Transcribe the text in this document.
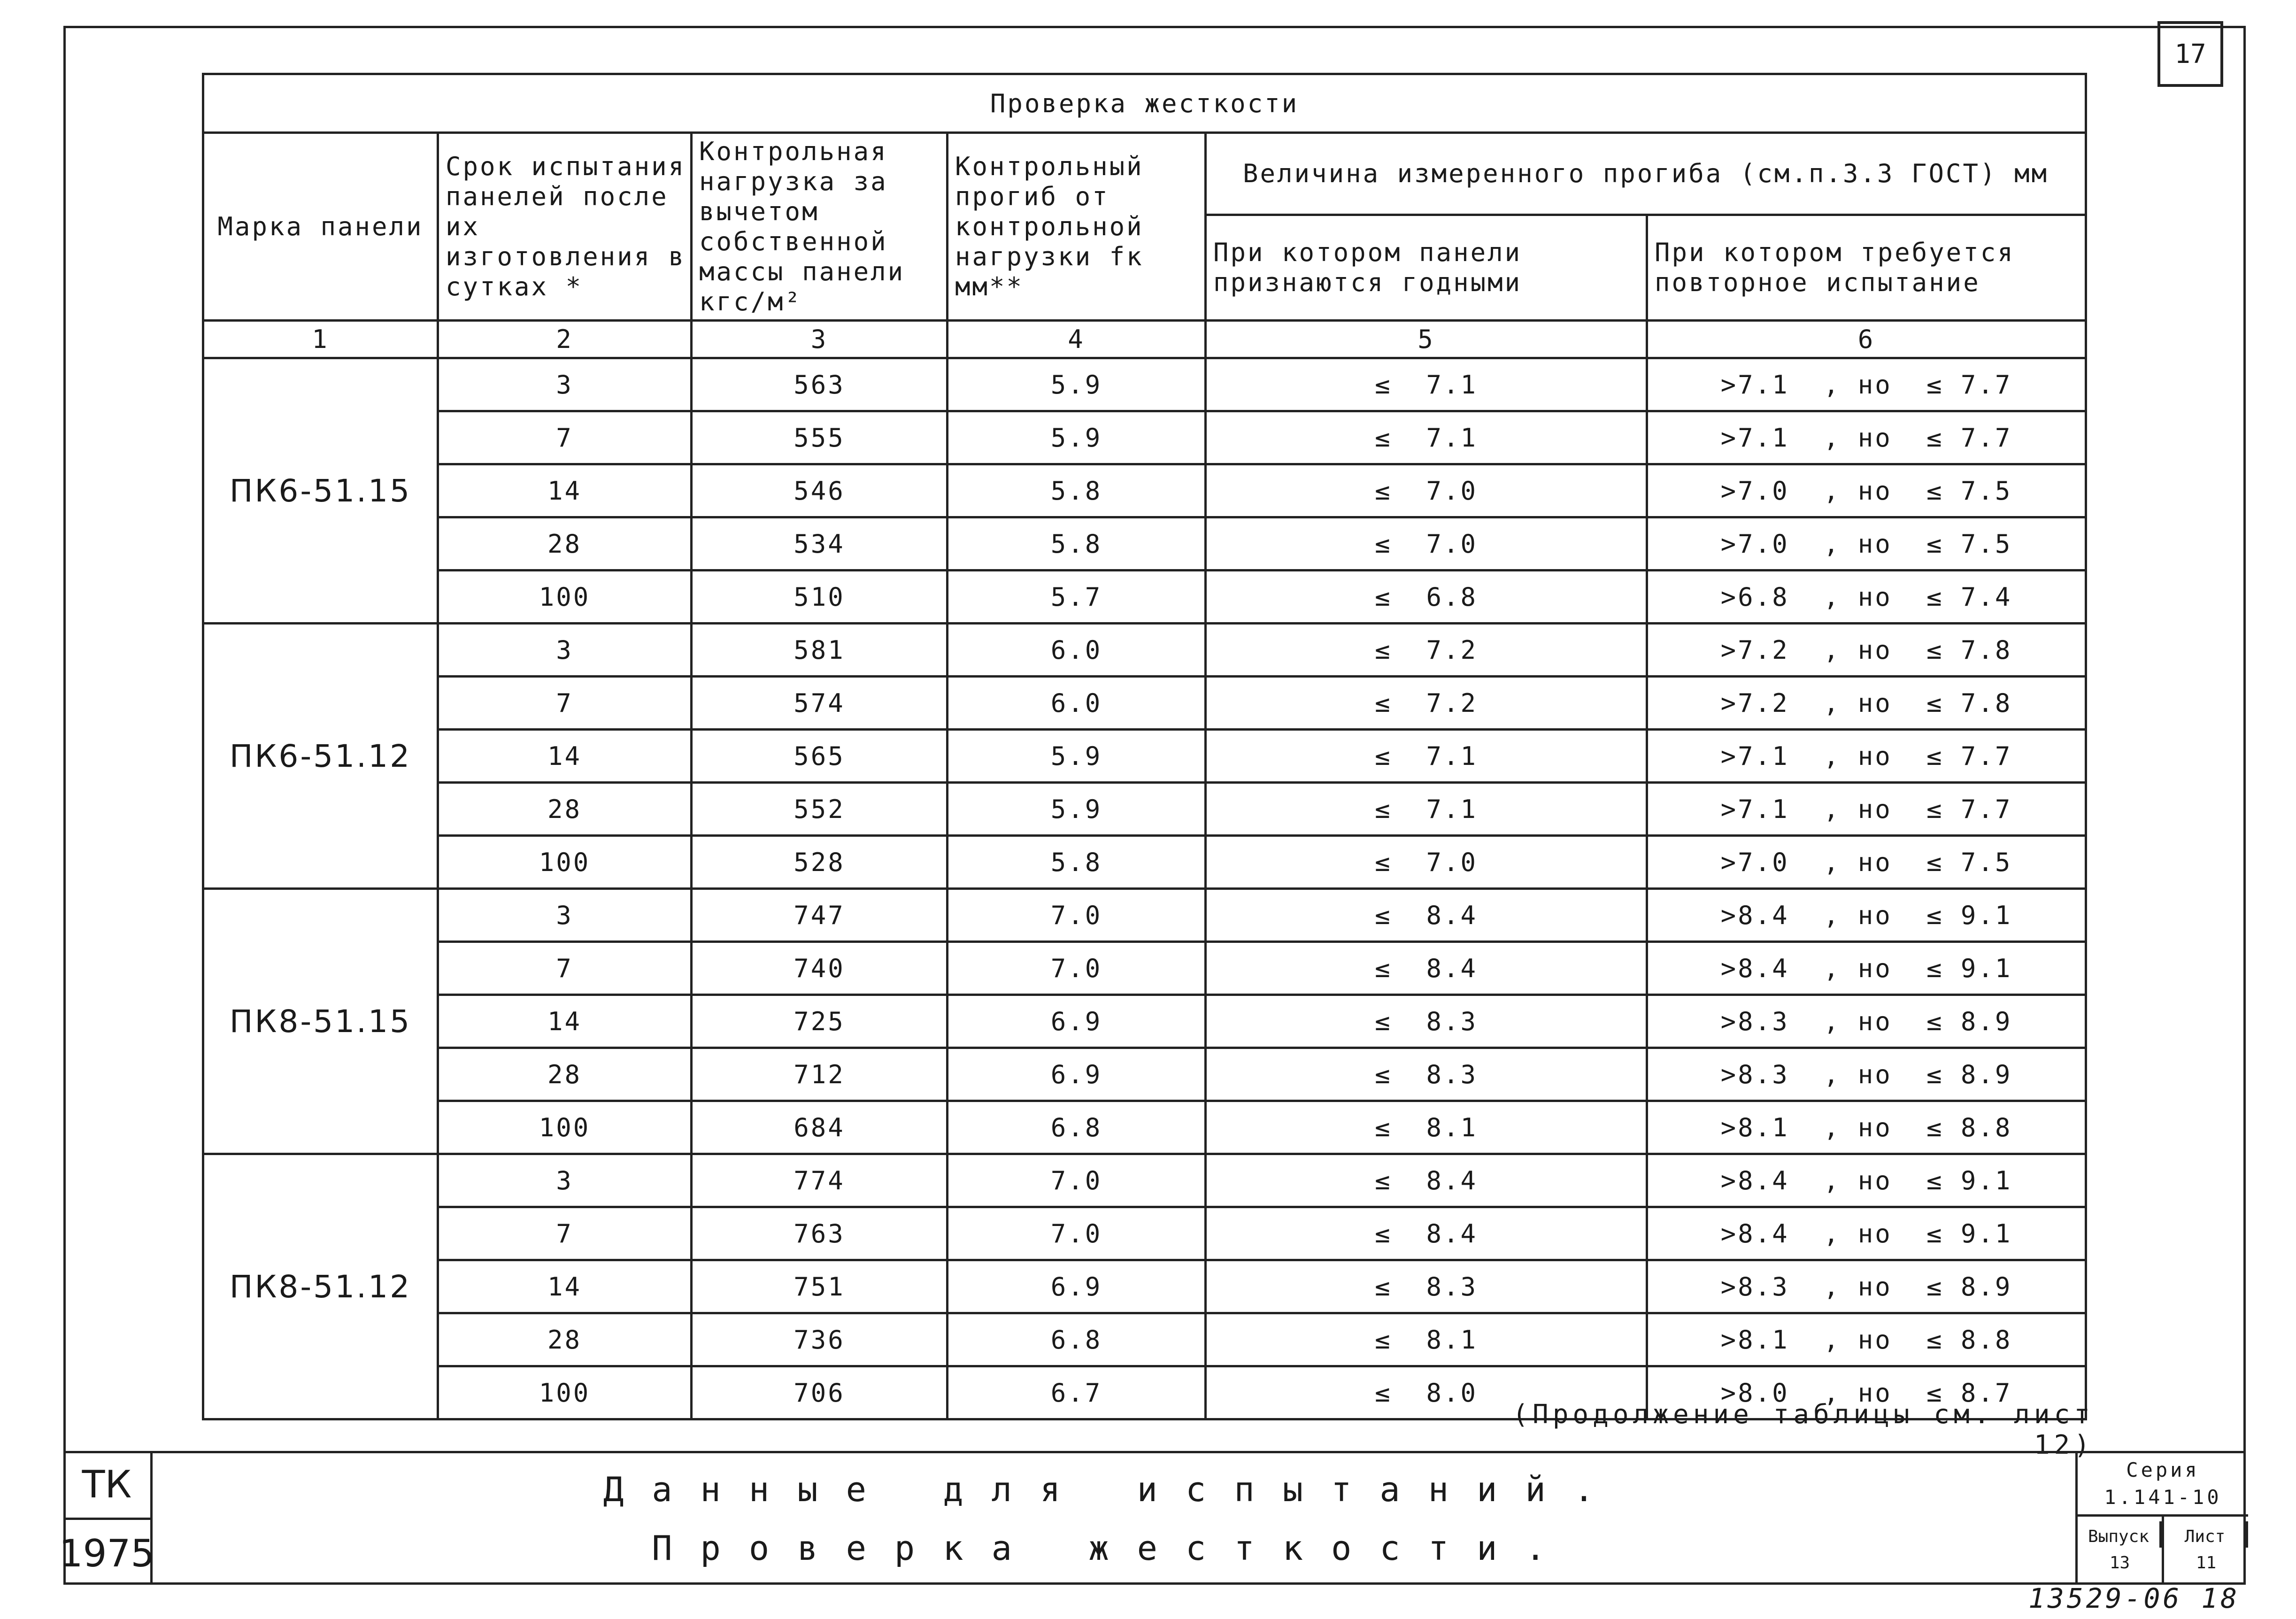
17
Проверка жесткости					
Марка панели	Срок испытания панелей после их изготовления в сутках *	Контрольная нагрузка за вычетом собственной массы панели кгс/м²	Контрольный прогиб от контрольной нагрузки fк мм**	Величина измеренного прогиба (см.п.3.3 ГОСТ) мм	
				При котором панели признаются годными	При котором требуется повторное испытание
1	2	3	4	5	6
ПК6-51.15	3	563	5.9	≤ 7.1	>7.1 , но ≤ 7.7
	7	555	5.9	≤ 7.1	>7.1 , но ≤ 7.7
	14	546	5.8	≤ 7.0	>7.0 , но ≤ 7.5
	28	534	5.8	≤ 7.0	>7.0 , но ≤ 7.5
	100	510	5.7	≤ 6.8	>6.8 , но ≤ 7.4
ПК6-51.12	3	581	6.0	≤ 7.2	>7.2 , но ≤ 7.8
	7	574	6.0	≤ 7.2	>7.2 , но ≤ 7.8
	14	565	5.9	≤ 7.1	>7.1 , но ≤ 7.7
	28	552	5.9	≤ 7.1	>7.1 , но ≤ 7.7
	100	528	5.8	≤ 7.0	>7.0 , но ≤ 7.5
ПК8-51.15	3	747	7.0	≤ 8.4	>8.4 , но ≤ 9.1
	7	740	7.0	≤ 8.4	>8.4 , но ≤ 9.1
	14	725	6.9	≤ 8.3	>8.3 , но ≤ 8.9
	28	712	6.9	≤ 8.3	>8.3 , но ≤ 8.9
	100	684	6.8	≤ 8.1	>8.1 , но ≤ 8.8
ПК8-51.12	3	774	7.0	≤ 8.4	>8.4 , но ≤ 9.1
	7	763	7.0	≤ 8.4	>8.4 , но ≤ 9.1
	14	751	6.9	≤ 8.3	>8.3 , но ≤ 8.9
	28	736	6.8	≤ 8.1	>8.1 , но ≤ 8.8
	100	706	6.7	≤ 8.0	>8.0 , но ≤ 8.7
(Продолжение таблицы см. лист 12)
ТК
1975
Данные для испытаний.
Проверка жесткости.
Серия
1.141-10
Выпуск
13
Лист
11
13529-06 18
